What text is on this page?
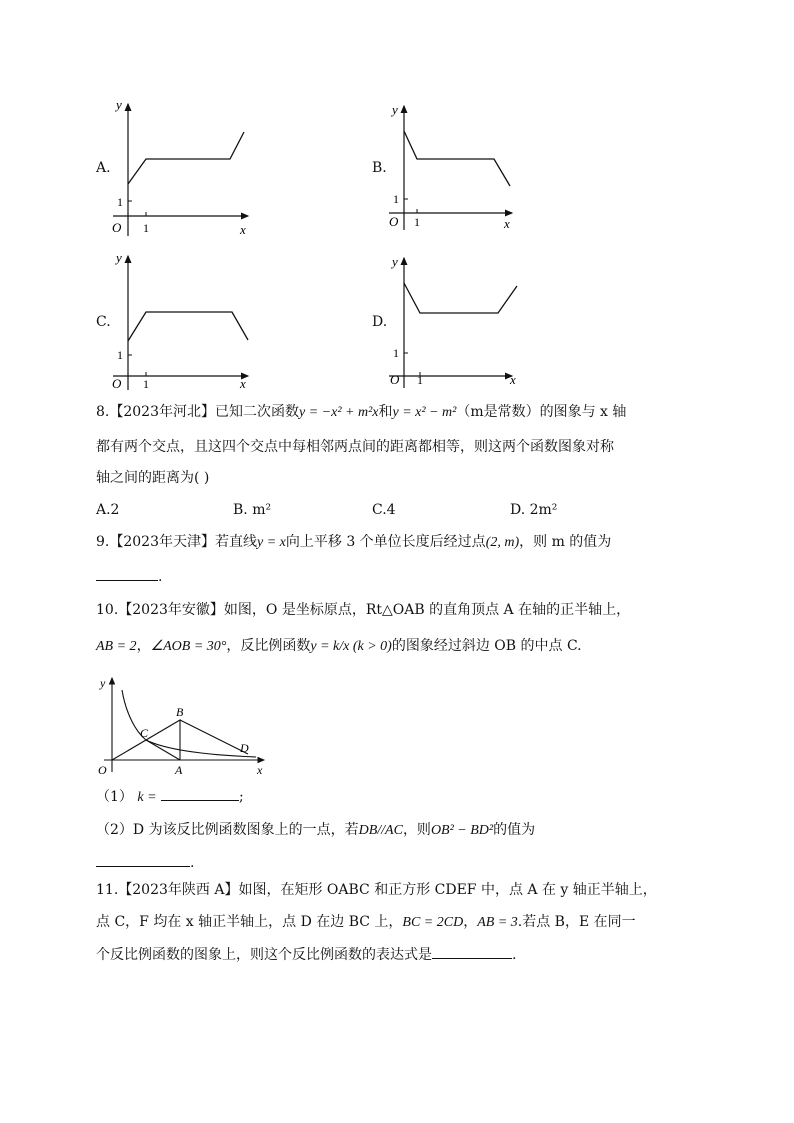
A.
y
x
O 1
1
B.
y
x
O 1
1
C.
y
x
O 1
1
D.
y
x
O 1
1
8.【2023年河北】已知二次函数y = −x² + m²x和y = x² − m²（m是常数）的图象与 x 轴
都有两个交点，且这四个交点中每相邻两点间的距离都相等，则这两个函数图象对称
轴之间的距离为( )
A.2	B. m²	C.4	D. 2m²
9.【2023年天津】若直线y = x向上平移 3 个单位长度后经过点(2, m)，则 m 的值为
.
10.【2023年安徽】如图，O 是坐标原点，Rt△OAB 的直角顶点 A 在轴的正半轴上，
AB = 2，∠AOB = 30°，反比例函数y = k/x (k > 0)的图象经过斜边 OB 的中点 C.
y
x
O	A
B
C
D
（1） k =	;
（2）D 为该反比例函数图象上的一点，若DB//AC，则OB² − BD²的值为
.
11.【2023年陕西 A】如图，在矩形 OABC 和正方形 CDEF 中，点 A 在 y 轴正半轴上，
点 C，F 均在 x 轴正半轴上，点 D 在边 BC 上，BC = 2CD，AB = 3.若点 B，E 在同一
个反比例函数的图象上，则这个反比例函数的表达式是	.
